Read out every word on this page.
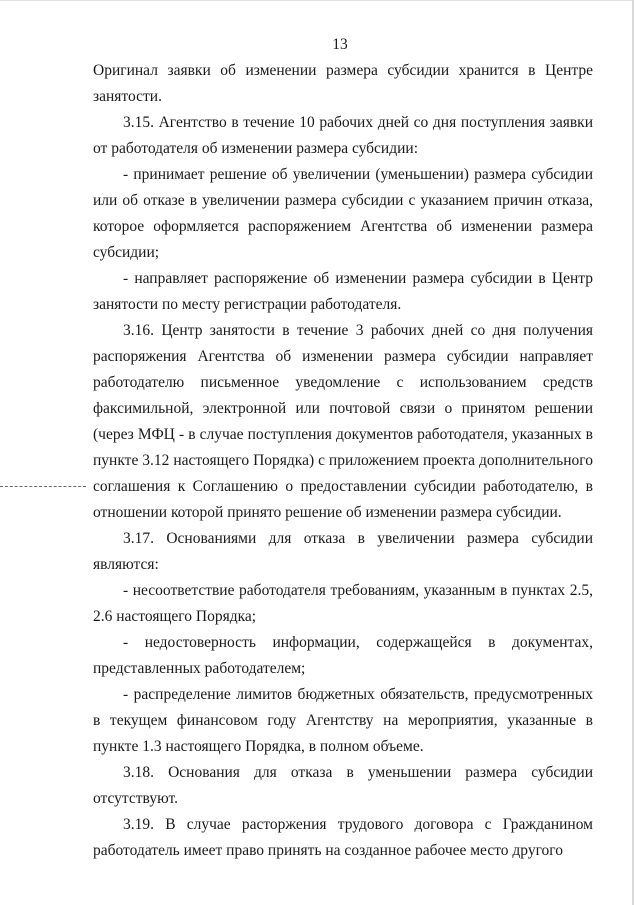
13

Оригинал заявки об изменении размера субсидии хранится в Центре занятости.

3.15. Агентство в течение 10 рабочих дней со дня поступления заявки от работодателя об изменении размера субсидии:

- принимает решение об увеличении (уменьшении) размера субсидии или об отказе в увеличении размера субсидии с указанием причин отказа, которое оформляется распоряжением Агентства об изменении размера субсидии;

- направляет распоряжение об изменении размера субсидии в Центр занятости по месту регистрации работодателя.

3.16. Центр занятости в течение 3 рабочих дней со дня получения распоряжения Агентства об изменении размера субсидии направляет работодателю письменное уведомление с использованием средств факсимильной, электронной или почтовой связи о принятом решении (через МФЦ - в случае поступления документов работодателя, указанных в пункте 3.12 настоящего Порядка) с приложением проекта дополнительного соглашения к Соглашению о предоставлении субсидии работодателю, в отношении которой принято решение об изменении размера субсидии.

3.17. Основаниями для отказа в увеличении размера субсидии являются:

- несоответствие работодателя требованиям, указанным в пунктах 2.5, 2.6 настоящего Порядка;

- недостоверность информации, содержащейся в документах, представленных работодателем;

- распределение лимитов бюджетных обязательств, предусмотренных в текущем финансовом году Агентству на мероприятия, указанные в пункте 1.3 настоящего Порядка, в полном объеме.

3.18. Основания для отказа в уменьшении размера субсидии отсутствуют.

3.19. В случае расторжения трудового договора с Гражданином работодатель имеет право принять на созданное рабочее место другого
